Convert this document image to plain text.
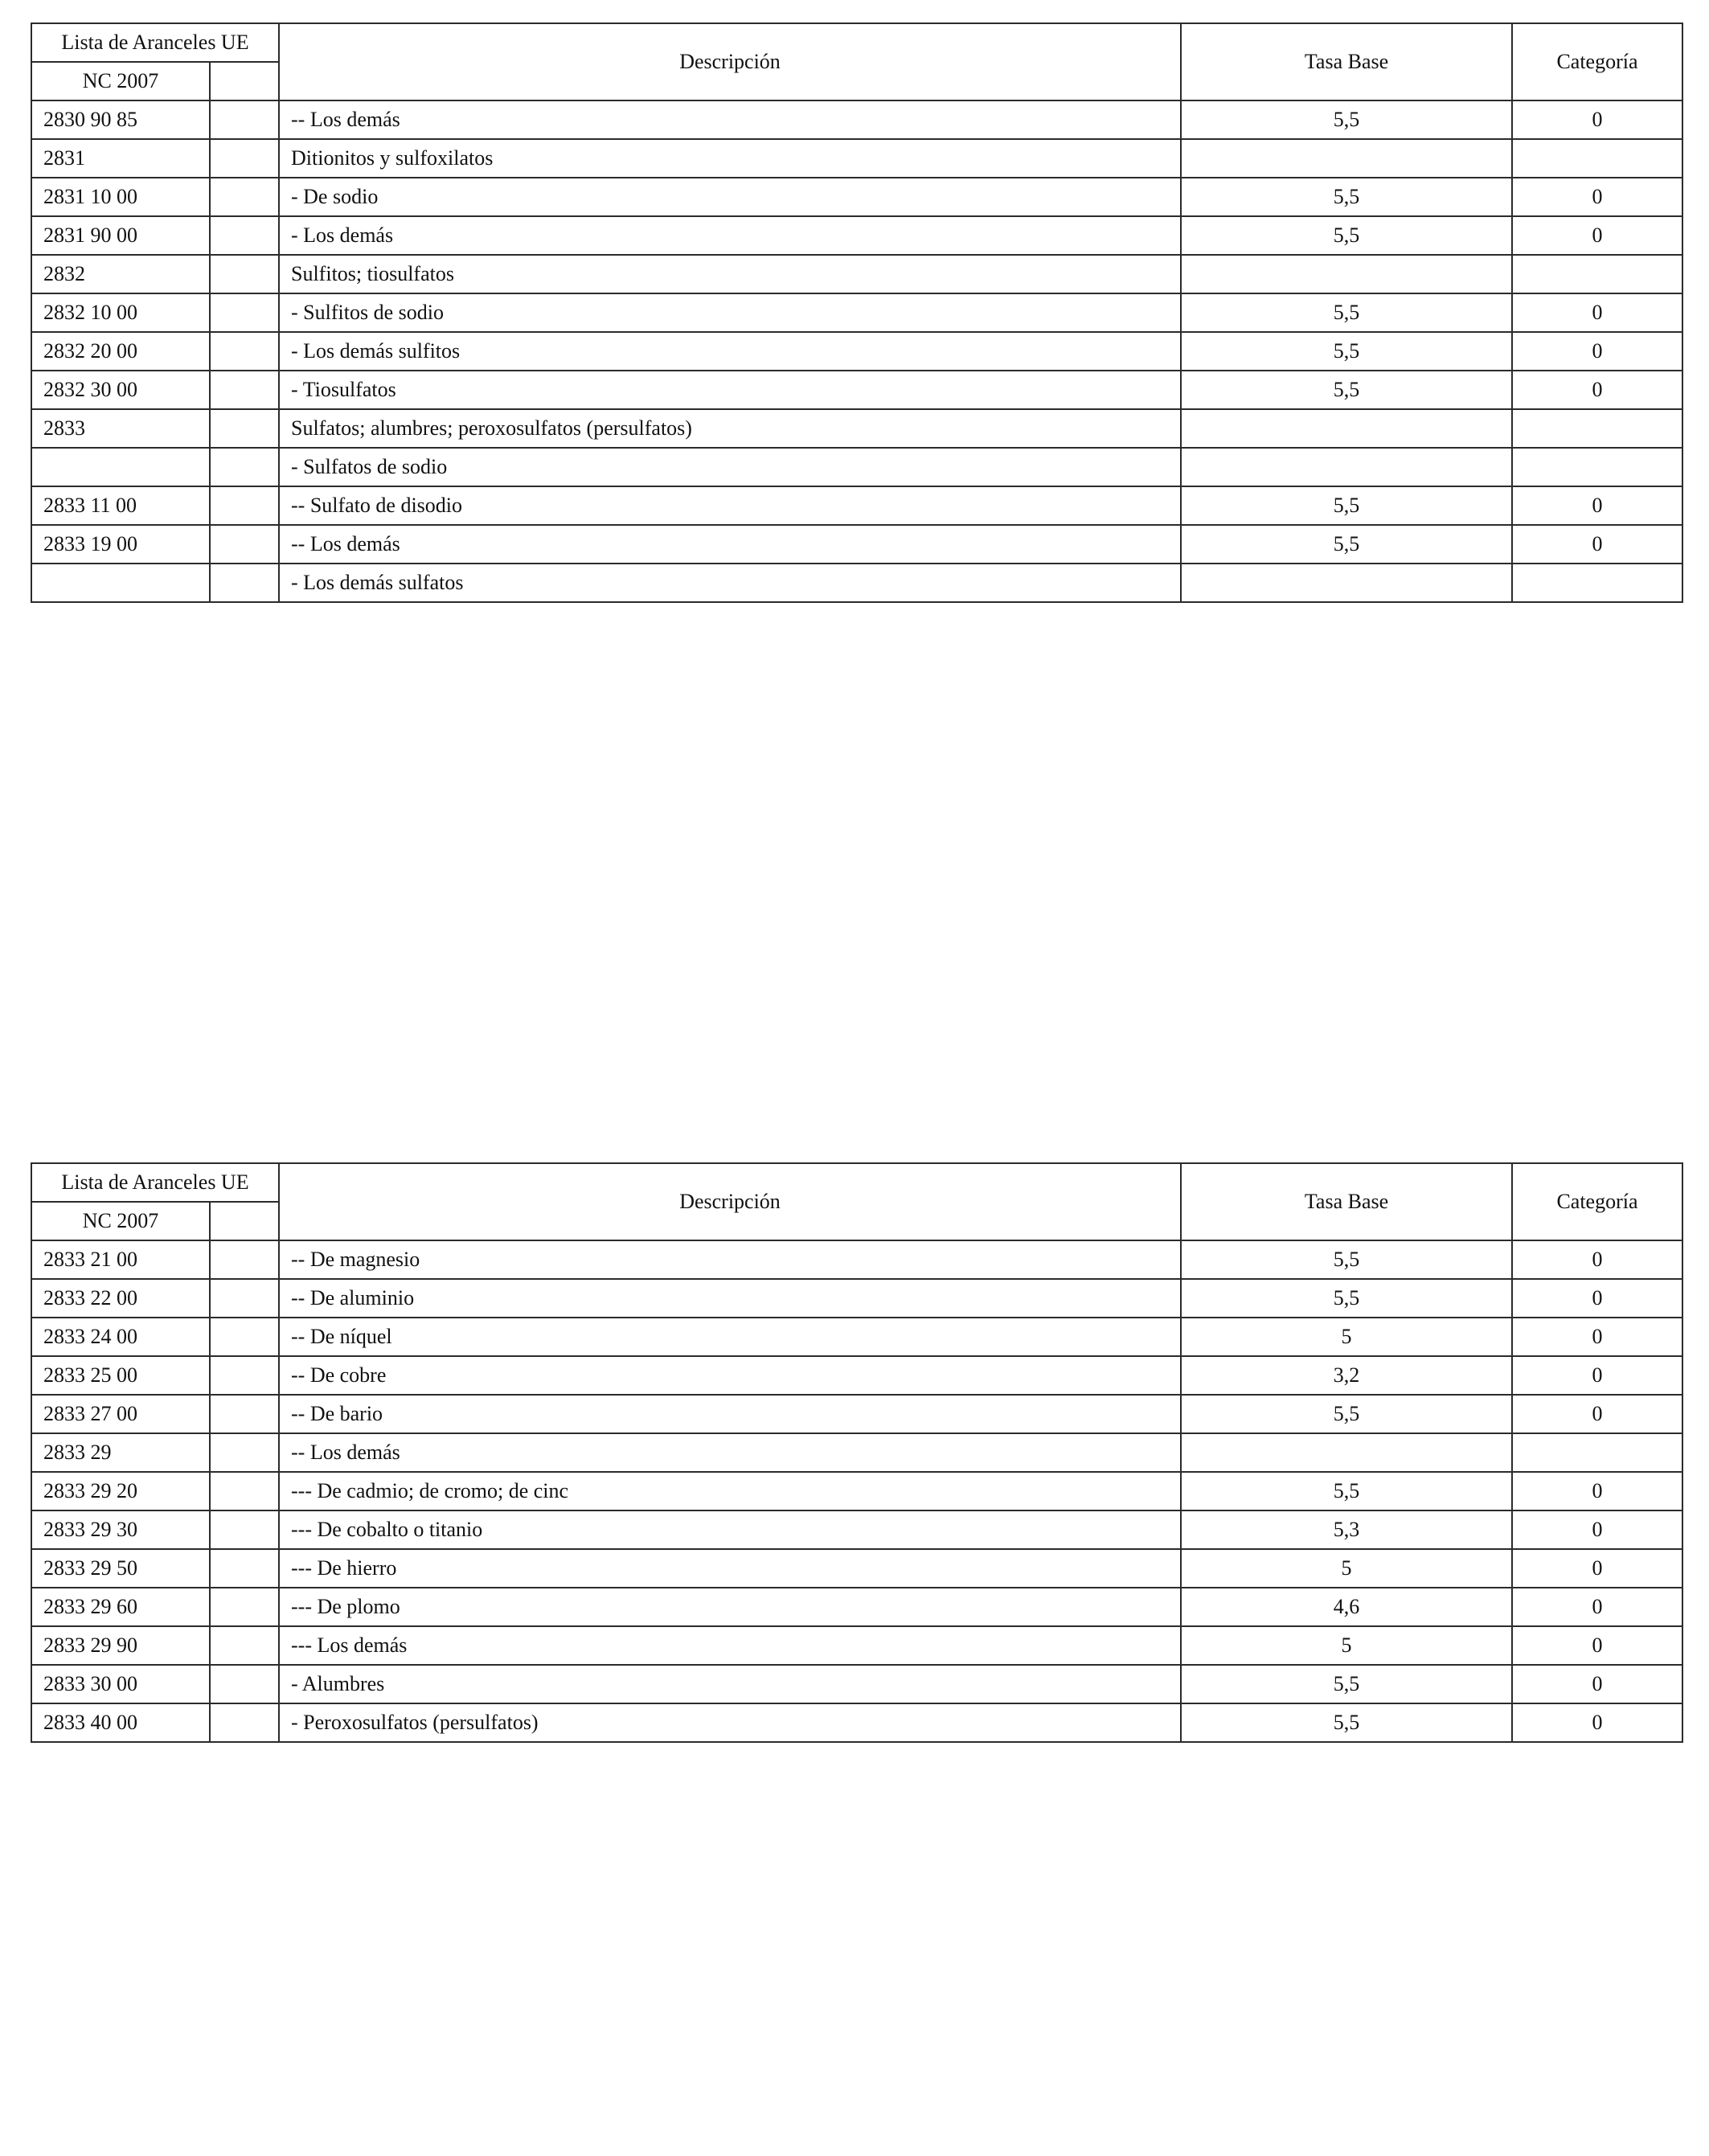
Lista de Aranceles UE		Descripción	Tasa Base	Categoría
NC 2007				
2830 90 85		-- Los demás	5,5	0
2831		Ditionitos y sulfoxilatos		
2831 10 00		- De sodio	5,5	0
2831 90 00		- Los demás	5,5	0
2832		Sulfitos; tiosulfatos		
2832 10 00		- Sulfitos de sodio	5,5	0
2832 20 00		- Los demás sulfitos	5,5	0
2832 30 00		- Tiosulfatos	5,5	0
2833		Sulfatos; alumbres; peroxosulfatos (persulfatos)		
		- Sulfatos de sodio		
2833 11 00		-- Sulfato de disodio	5,5	0
2833 19 00		-- Los demás	5,5	0
		- Los demás sulfatos		
Lista de Aranceles UE		Descripción	Tasa Base	Categoría
NC 2007				
2833 21 00		-- De magnesio	5,5	0
2833 22 00		-- De aluminio	5,5	0
2833 24 00		-- De níquel	5	0
2833 25 00		-- De cobre	3,2	0
2833 27 00		-- De bario	5,5	0
2833 29		-- Los demás		
2833 29 20		--- De cadmio; de cromo; de cinc	5,5	0
2833 29 30		--- De cobalto o titanio	5,3	0
2833 29 50		--- De hierro	5	0
2833 29 60		--- De plomo	4,6	0
2833 29 90		--- Los demás	5	0
2833 30 00		- Alumbres	5,5	0
2833 40 00		- Peroxosulfatos (persulfatos)	5,5	0
